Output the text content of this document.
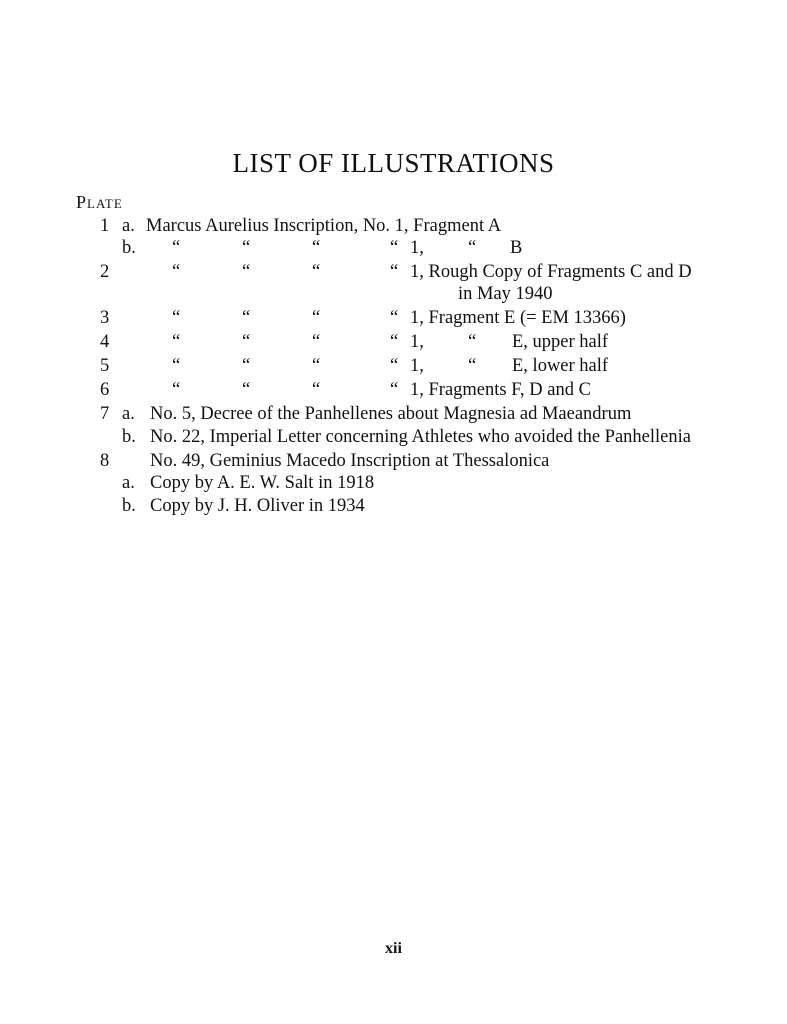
LIST OF ILLUSTRATIONS
Plate
1 a. Marcus Aurelius Inscription, No. 1, Fragment A
b. “	“	“	“ 1, “ B
2	“	“	“	“ 1, Rough Copy of Fragments C and D
in May 1940
3	“	“	“	“ 1, Fragment E (= EM 13366)
4	“	“	“	“ 1, “ E, upper half
5	“	“	“	“ 1, “ E, lower half
6	“	“	“	“ 1, Fragments F, D and C
7 a. No. 5, Decree of the Panhellenes about Magnesia ad Maeandrum
b. No. 22, Imperial Letter concerning Athletes who avoided the Panhellenia
8 No. 49, Geminius Macedo Inscription at Thessalonica
a. Copy by A. E. W. Salt in 1918
b. Copy by J. H. Oliver in 1934
xii
